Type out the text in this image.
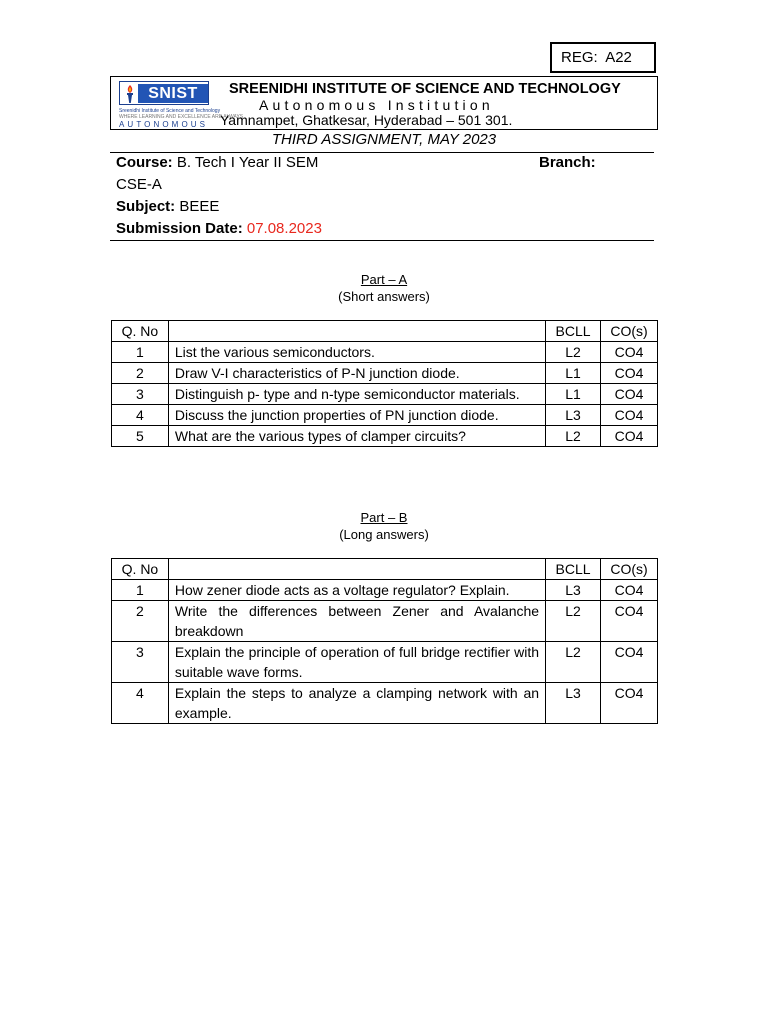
REG: A22
SNIST
Sreenidhi Institute of Science and Technology
WHERE LEARNING AND EXCELLENCE ARE ALWAYS
AUTONOMOUS
SREENIDHI INSTITUTE OF SCIENCE AND TECHNOLOGY
Autonomous Institution
Yamnampet, Ghatkesar, Hyderabad – 501 301.
THIRD ASSIGNMENT, MAY 2023
Course: B. Tech I Year II SEM	Branch:
CSE-A
Subject: BEEE
Submission Date: 07.08.2023
Part – A
(Short answers)
Q. No		BCLL	CO(s)
1	List the various semiconductors.	L2	CO4
2	Draw V-I characteristics of P-N junction diode.	L1	CO4
3	Distinguish p- type and n-type semiconductor materials.	L1	CO4
4	Discuss the junction properties of PN junction diode.	L3	CO4
5	What are the various types of clamper circuits?	L2	CO4
Part – B
(Long answers)
Q. No		BCLL	CO(s)
1	How zener diode acts as a voltage regulator? Explain.	L3	CO4
2	Write the differences between Zener and Avalanche breakdown	L2	CO4
3	Explain the principle of operation of full bridge rectifier with suitable wave forms.	L2	CO4
4	Explain the steps to analyze a clamping network with an example.	L3	CO4
